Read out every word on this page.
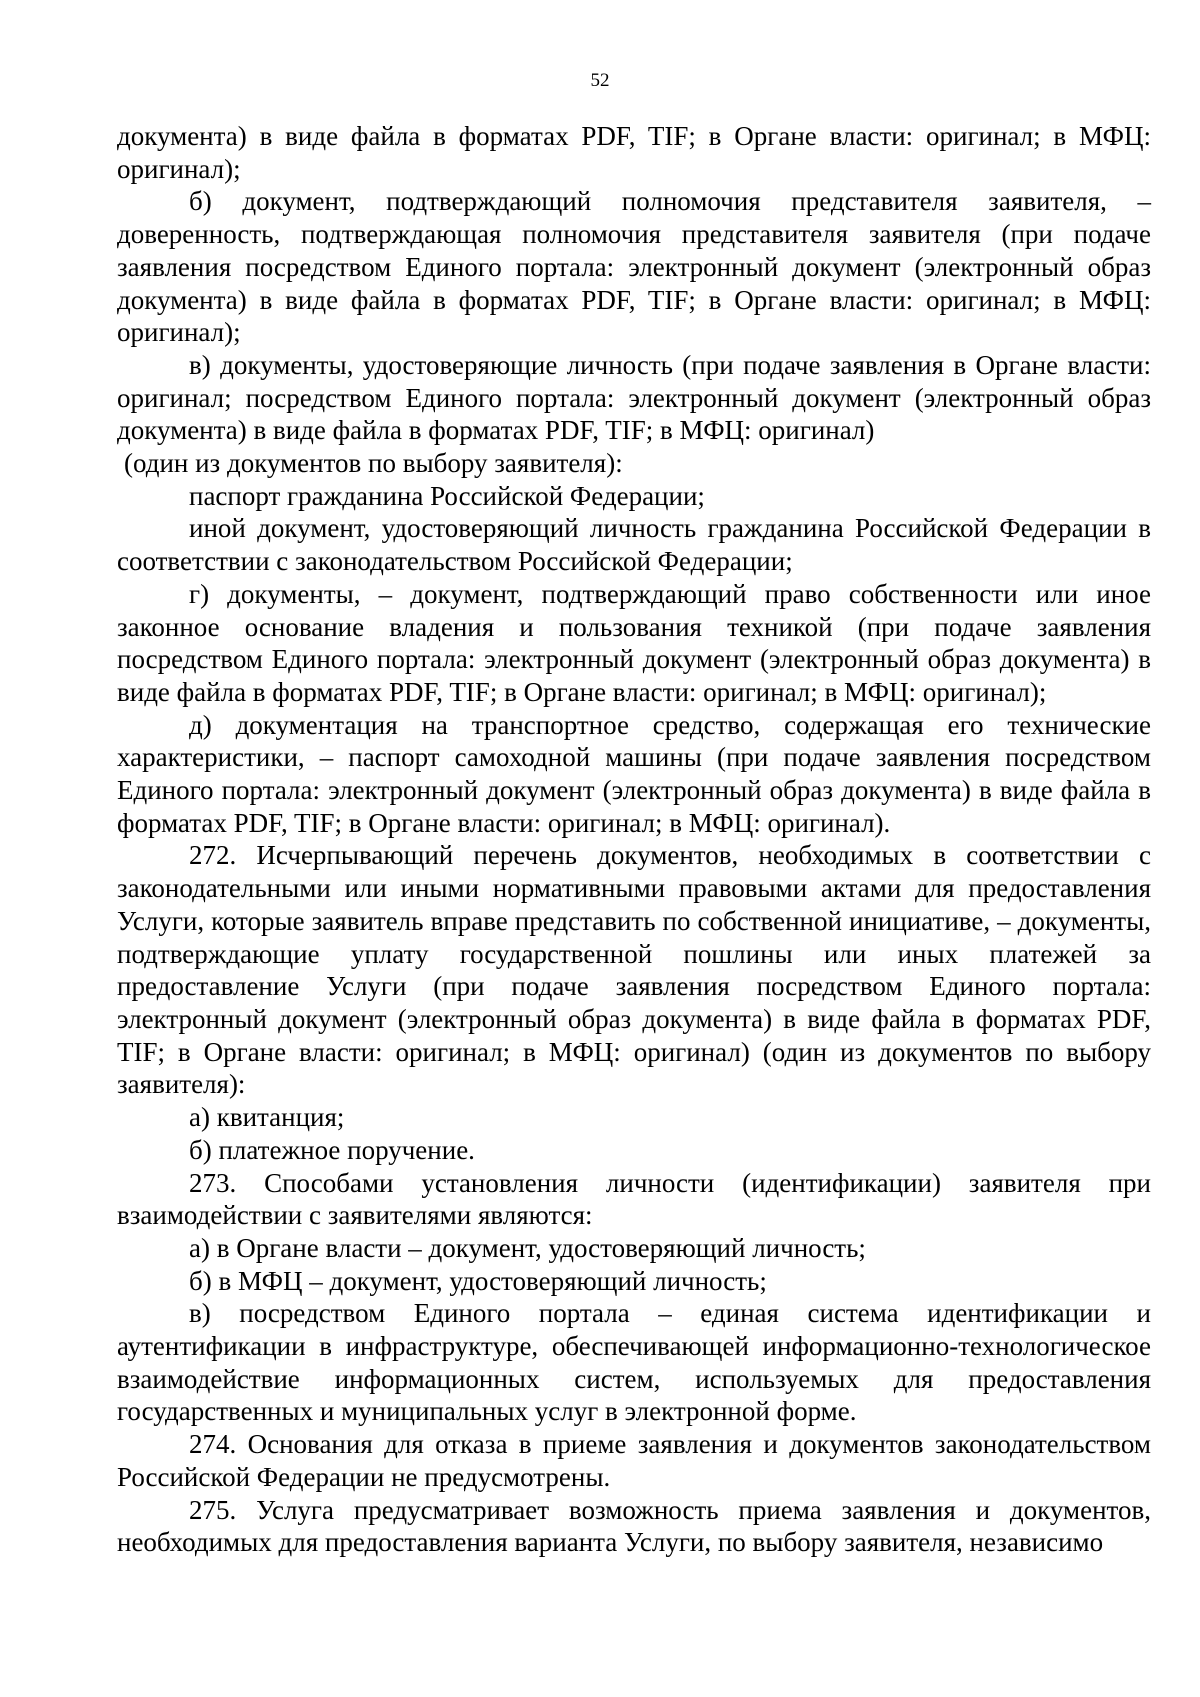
52

документа) в виде файла в форматах PDF, TIF; в Органе власти: оригинал; в МФЦ: оригинал);

б) документ, подтверждающий полномочия представителя заявителя, – доверенность, подтверждающая полномочия представителя заявителя (при подаче заявления посредством Единого портала: электронный документ (электронный образ документа) в виде файла в форматах PDF, TIF; в Органе власти: оригинал; в МФЦ: оригинал);

в) документы, удостоверяющие личность (при подаче заявления в Органе власти: оригинал; посредством Единого портала: электронный документ (электронный образ документа) в виде файла в форматах PDF, TIF; в МФЦ: оригинал)

(один из документов по выбору заявителя):

паспорт гражданина Российской Федерации;

иной документ, удостоверяющий личность гражданина Российской Федерации в соответствии с законодательством Российской Федерации;

г) документы, – документ, подтверждающий право собственности или иное законное основание владения и пользования техникой (при подаче заявления посредством Единого портала: электронный документ (электронный образ документа) в виде файла в форматах PDF, TIF; в Органе власти: оригинал; в МФЦ: оригинал);

д) документация на транспортное средство, содержащая его технические характеристики, – паспорт самоходной машины (при подаче заявления посредством Единого портала: электронный документ (электронный образ документа) в виде файла в форматах PDF, TIF; в Органе власти: оригинал; в МФЦ: оригинал).

272. Исчерпывающий перечень документов, необходимых в соответствии с законодательными или иными нормативными правовыми актами для предоставления Услуги, которые заявитель вправе представить по собственной инициативе, – документы, подтверждающие уплату государственной пошлины или иных платежей за предоставление Услуги (при подаче заявления посредством Единого портала: электронный документ (электронный образ документа) в виде файла в форматах PDF, TIF; в Органе власти: оригинал; в МФЦ: оригинал) (один из документов по выбору заявителя):

а) квитанция;

б) платежное поручение.

273. Способами установления личности (идентификации) заявителя при взаимодействии с заявителями являются:

а) в Органе власти – документ, удостоверяющий личность;

б) в МФЦ – документ, удостоверяющий личность;

в) посредством Единого портала – единая система идентификации и аутентификации в инфраструктуре, обеспечивающей информационно-технологическое взаимодействие информационных систем, используемых для предоставления государственных и муниципальных услуг в электронной форме.

274. Основания для отказа в приеме заявления и документов законодательством Российской Федерации не предусмотрены.

275. Услуга предусматривает возможность приема заявления и документов, необходимых для предоставления варианта Услуги, по выбору заявителя, независимо
